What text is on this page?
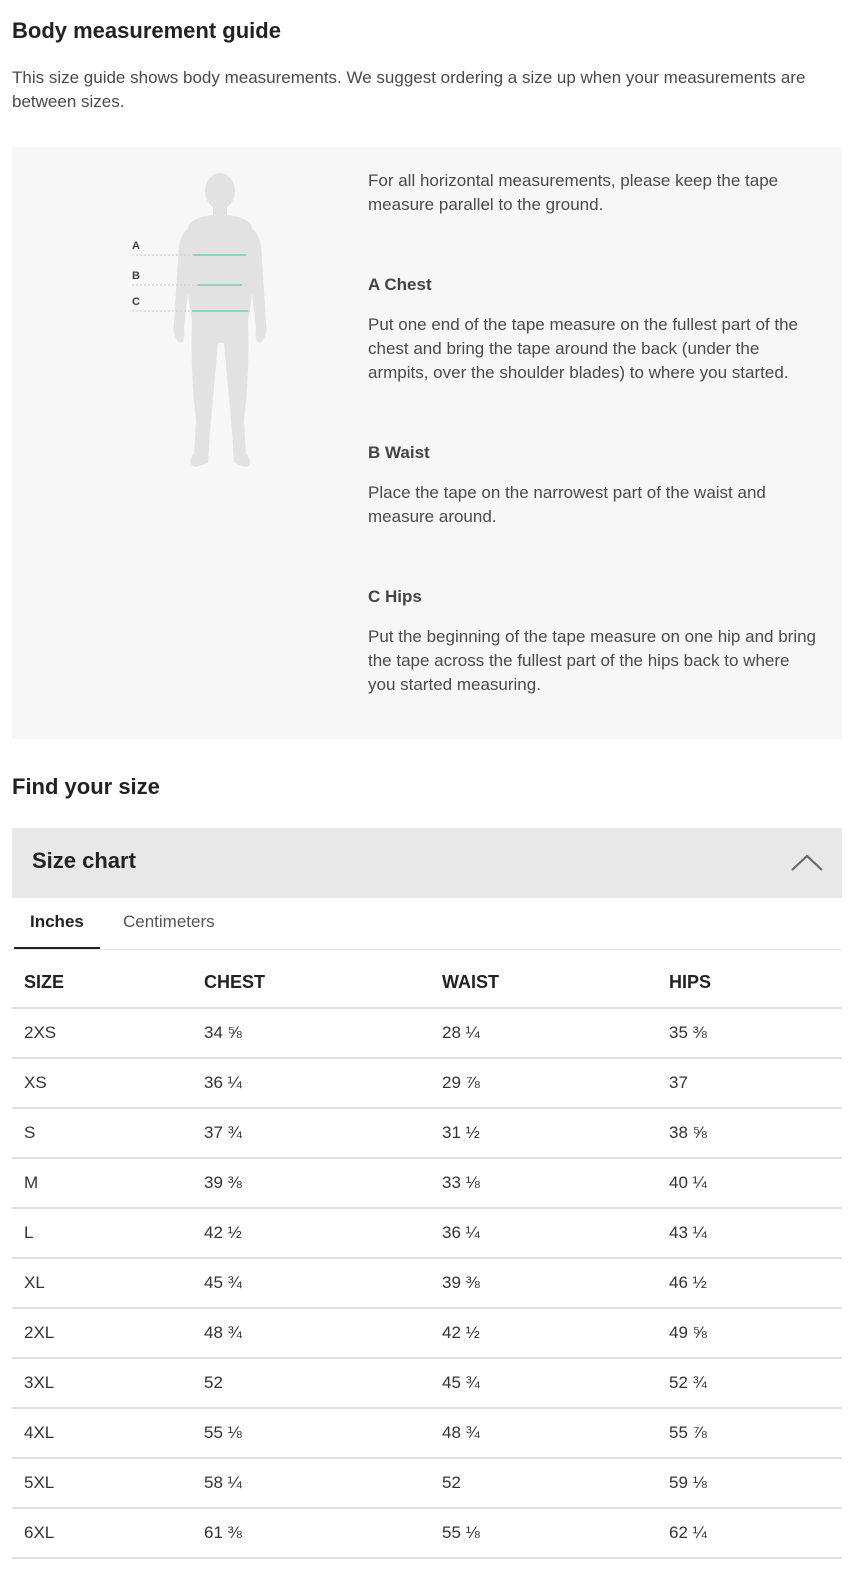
Body measurement guide

This size guide shows body measurements. We suggest ordering a size up when your measurements are between sizes.

A
B
C

For all horizontal measurements, please keep the tape measure parallel to the ground.

A Chest

Put one end of the tape measure on the fullest part of the chest and bring the tape around the back (under the armpits, over the shoulder blades) to where you started.

B Waist

Place the tape on the narrowest part of the waist and measure around.

C Hips

Put the beginning of the tape measure on one hip and bring the tape across the fullest part of the hips back to where you started measuring.

Find your size
Size chart
Inches Centimeters
SIZE	CHEST	WAIST	HIPS
2XS	34 ⅝	28 ¼	35 ⅜
XS	36 ¼	29 ⅞	37
S	37 ¾	31 ½	38 ⅝
M	39 ⅜	33 ⅛	40 ¼
L	42 ½	36 ¼	43 ¼
XL	45 ¾	39 ⅜	46 ½
2XL	48 ¾	42 ½	49 ⅝
3XL	52	45 ¾	52 ¾
4XL	55 ⅛	48 ¾	55 ⅞
5XL	58 ¼	52	59 ⅛
6XL	61 ⅜	55 ⅛	62 ¼
